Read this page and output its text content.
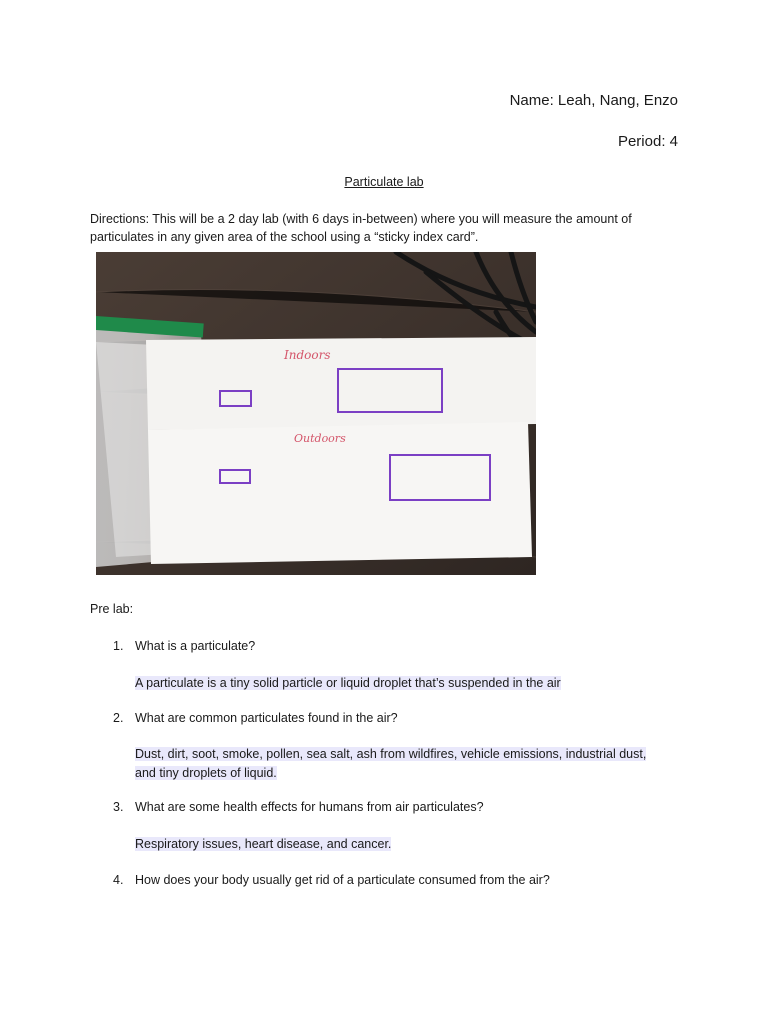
Name: Leah, Nang, Enzo
Period: 4
Particulate lab
Directions: This will be a 2 day lab (with 6 days in-between) where you will measure the amount of particulates in any given area of the school using a “sticky index card”.
Indoors
Outdoors
Pre lab:
1. What is a particulate?
A particulate is a tiny solid particle or liquid droplet that’s suspended in the air
2. What are common particulates found in the air?
Dust, dirt, soot, smoke, pollen, sea salt, ash from wildfires, vehicle emissions, industrial dust,
and tiny droplets of liquid.
3. What are some health effects for humans from air particulates?
Respiratory issues, heart disease, and cancer.
4. How does your body usually get rid of a particulate consumed from the air?
